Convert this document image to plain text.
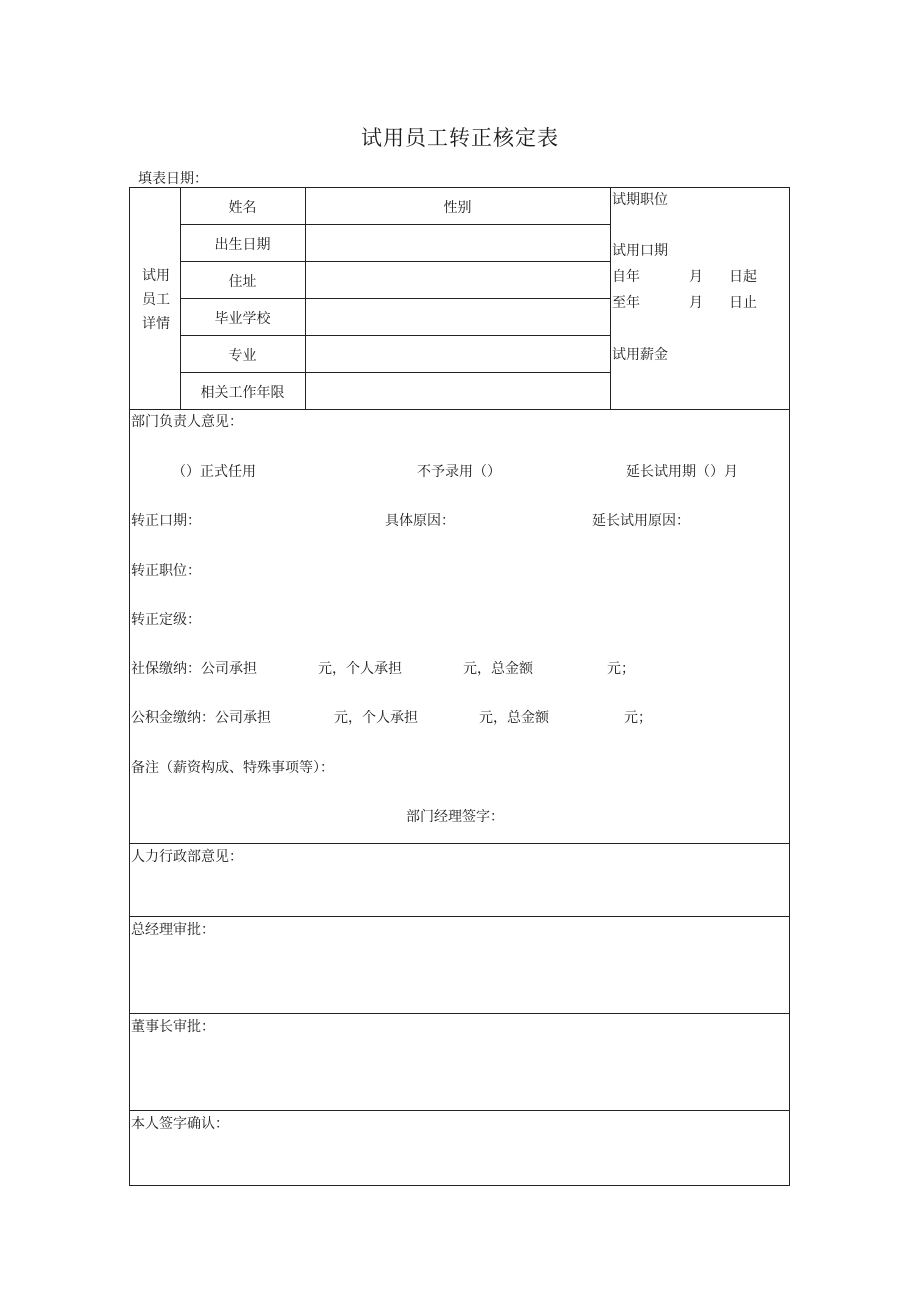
试用员工转正核定表
填表日期：
试用
员工
详情
姓名	性别
出生日期
住址
毕业学校
专业
相关工作年限
试期职位
试用口期
自年	月 日起
至年	月 日止
试用薪金
部门负责人意见：
（）正式任用	不予录用（）	延长试用期（）月
转正口期：	具体原因：	延长试用原因：
转正职位：
转正定级：
社保缴纳：公司承担	元，个人承担	元，总金额	元；
公积金缴纳：公司承担	元，个人承担	元，总金额	元；
备注（薪资构成、特殊事项等）：
部门经理签字：
人力行政部意见：
总经理审批：
董事长审批：
本人签字确认：
